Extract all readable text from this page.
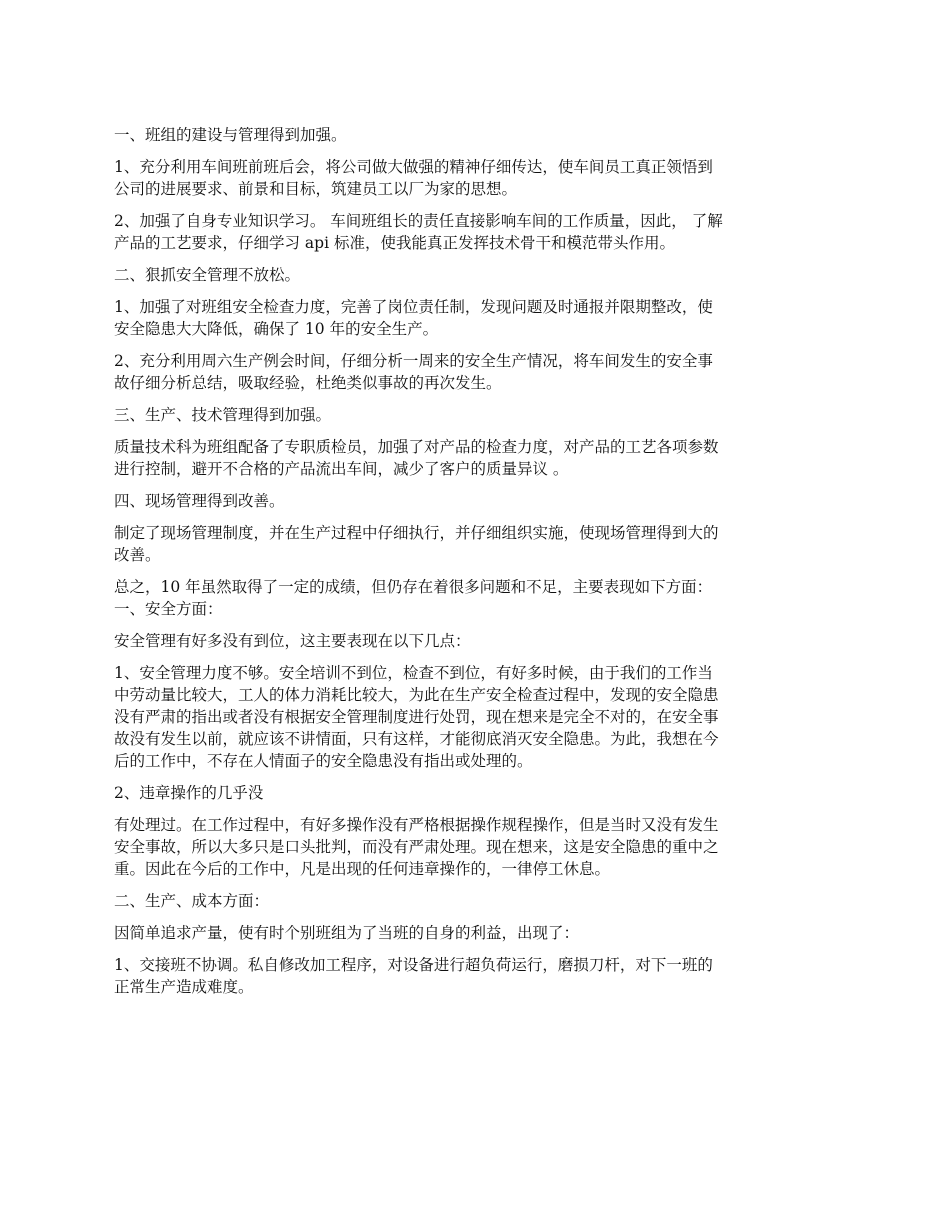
一、班组的建设与管理得到加强。
1、充分利用车间班前班后会，将公司做大做强的精神仔细传达，使车间员工真正领悟到
公司的进展要求、前景和目标，筑建员工以厂为家的思想。
2、加强了自身专业知识学习。 车间班组长的责任直接影响车间的工作质量，因此， 了解
产品的工艺要求，仔细学习 api 标准，使我能真正发挥技术骨干和模范带头作用。
二、狠抓安全管理不放松。
1、加强了对班组安全检查力度，完善了岗位责任制，发现问题及时通报并限期整改，使
安全隐患大大降低，确保了 10 年的安全生产。
2、充分利用周六生产例会时间，仔细分析一周来的安全生产情况，将车间发生的安全事
故仔细分析总结，吸取经验，杜绝类似事故的再次发生。
三、生产、技术管理得到加强。
质量技术科为班组配备了专职质检员，加强了对产品的检查力度，对产品的工艺各项参数
进行控制，避开不合格的产品流出车间，减少了客户的质量异议 。
四、现场管理得到改善。
制定了现场管理制度，并在生产过程中仔细执行，并仔细组织实施，使现场管理得到大的
改善。
总之，10 年虽然取得了一定的成绩，但仍存在着很多问题和不足，主要表现如下方面：
一、安全方面：
安全管理有好多没有到位，这主要表现在以下几点：
1、安全管理力度不够。安全培训不到位，检查不到位，有好多时候，由于我们的工作当
中劳动量比较大，工人的体力消耗比较大，为此在生产安全检查过程中，发现的安全隐患
没有严肃的指出或者没有根据安全管理制度进行处罚，现在想来是完全不对的，在安全事
故没有发生以前，就应该不讲情面，只有这样，才能彻底消灭安全隐患。为此，我想在今
后的工作中，不存在人情面子的安全隐患没有指出或处理的。
2、违章操作的几乎没
有处理过。在工作过程中，有好多操作没有严格根据操作规程操作，但是当时又没有发生
安全事故，所以大多只是口头批判，而没有严肃处理。现在想来，这是安全隐患的重中之
重。因此在今后的工作中，凡是出现的任何违章操作的，一律停工休息。
二、生产、成本方面：
因简单追求产量，使有时个别班组为了当班的自身的利益，出现了：
1、交接班不协调。私自修改加工程序，对设备进行超负荷运行，磨损刀杆，对下一班的
正常生产造成难度。
